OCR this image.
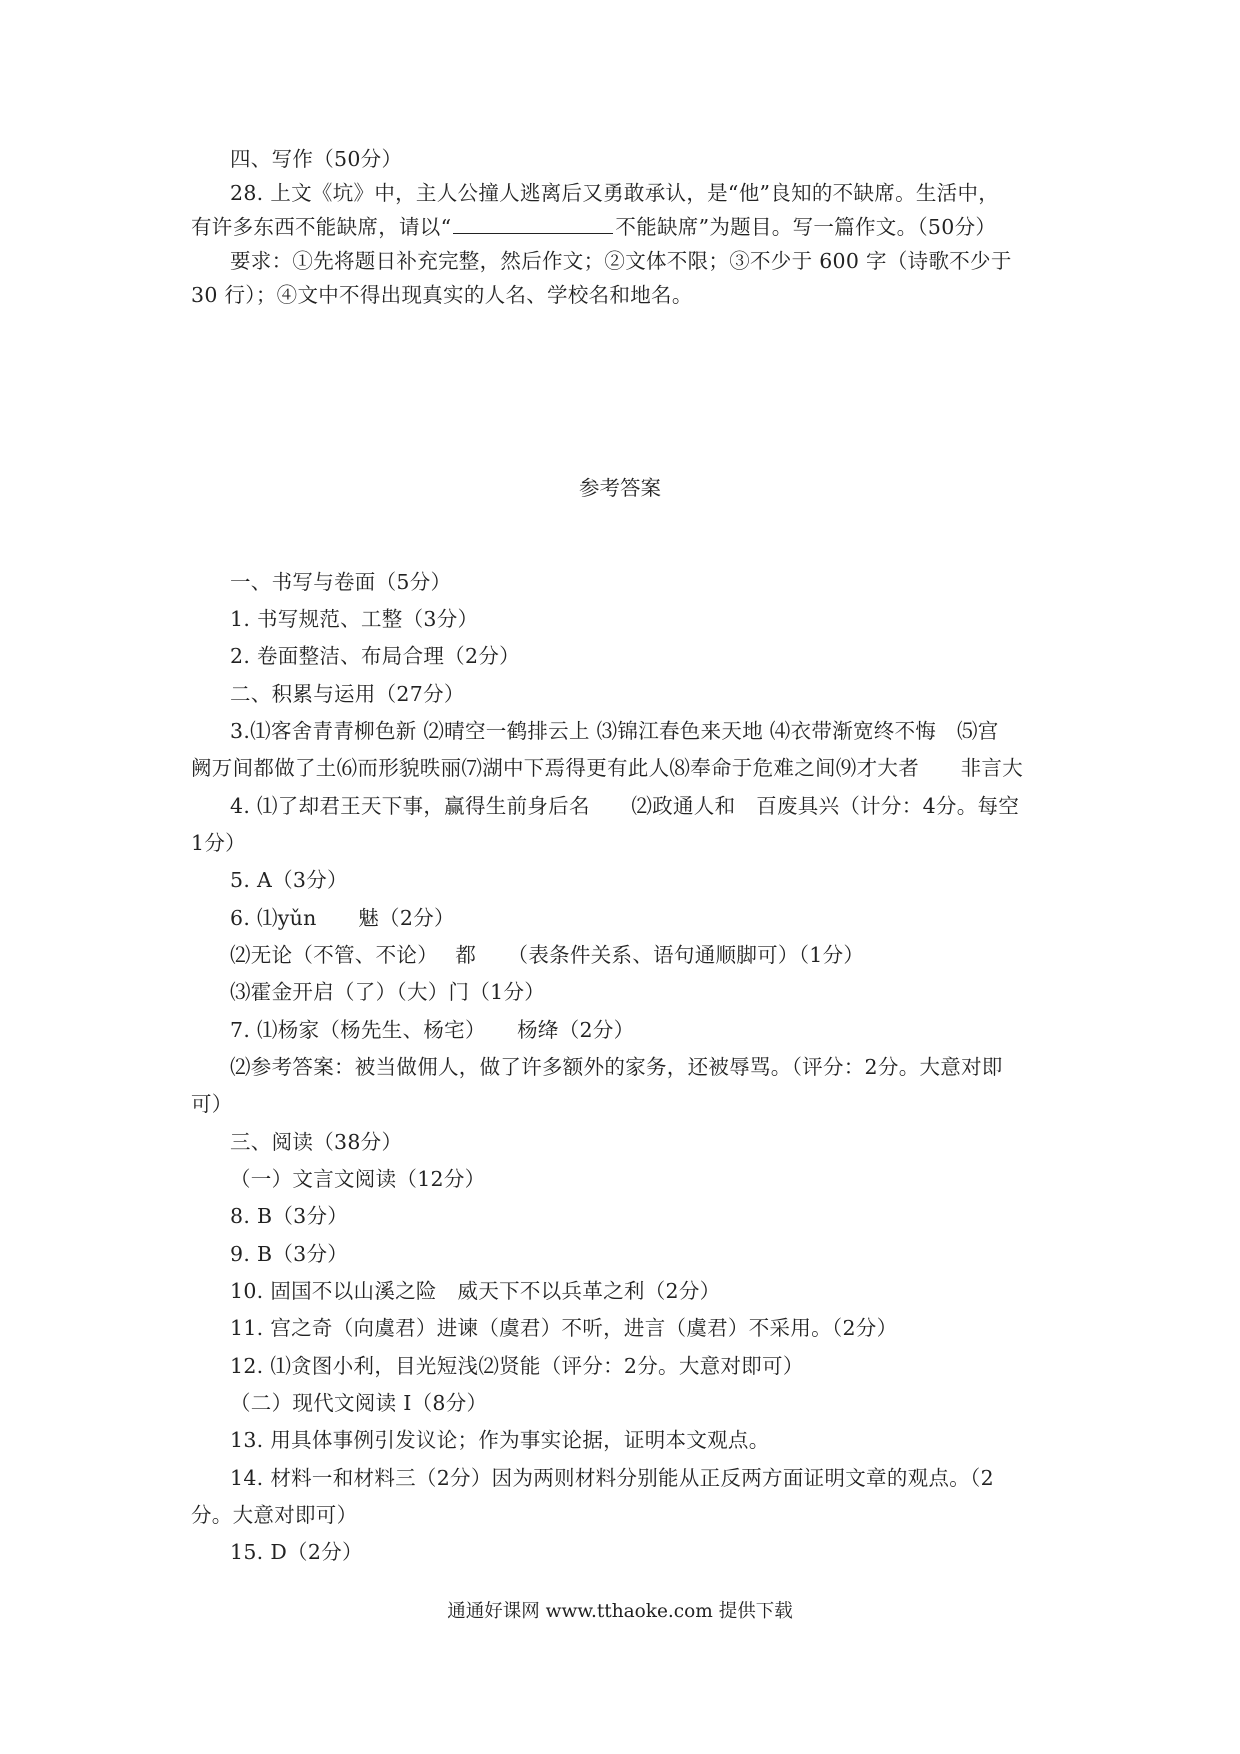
四、写作（50分）
28. 上文《坑》中，主人公撞人逃离后又勇敢承认，是“他”良知的不缺席。生活中，
有许多东西不能缺席，请以“	不能缺席”为题目。写一篇作文。（50分）
要求：①先将题日补充完整，然后作文；②文体不限；③不少于 600 字（诗歌不少于
30 行）；④文中不得出现真实的人名、学校名和地名。
参考答案
一、书写与卷面（5分）
1. 书写规范、工整（3分）
2. 卷面整洁、布局合理（2分）
二、积累与运用（27分）
3.⑴客舍青青柳色新 ⑵晴空一鹤排云上 ⑶锦江春色来天地 ⑷衣带渐宽终不悔　⑸宫
阙万间都做了土⑹而形貌昳丽⑺湖中下焉得更有此人⑻奉命于危难之间⑼才大者　　非言大
4. ⑴了却君王天下事，赢得生前身后名　　⑵政通人和　百废具兴（计分：4分。每空
1分）
5. A（3分）
6. ⑴yǔn　　魅（2分）
⑵无论（不管、不论）　 都　　（表条件关系、语句通顺脚可）（1分）
⑶霍金开启（了）（大）门（1分）
7. ⑴杨家（杨先生、杨宅）　　杨绛（2分）
⑵参考答案：被当做佣人，做了许多额外的家务，还被辱骂。（评分：2分。大意对即
可）
三、阅读（38分）
（一）文言文阅读（12分）
8. B（3分）
9. B（3分）
10. 固国不以山溪之险　威天下不以兵革之利（2分）
11. 宫之奇（向虞君）进谏（虞君）不听，进言（虞君）不采用。（2分）
12. ⑴贪图小利，目光短浅⑵贤能（评分：2分。大意对即可）
（二）现代文阅读 I（8分）
13. 用具体事例引发议论；作为事实论据，证明本文观点。
14. 材料一和材料三（2分）因为两则材料分别能从正反两方面证明文章的观点。（2
分。大意对即可）
15. D（2分）
通通好课网 www.tthaoke.com 提供下载
